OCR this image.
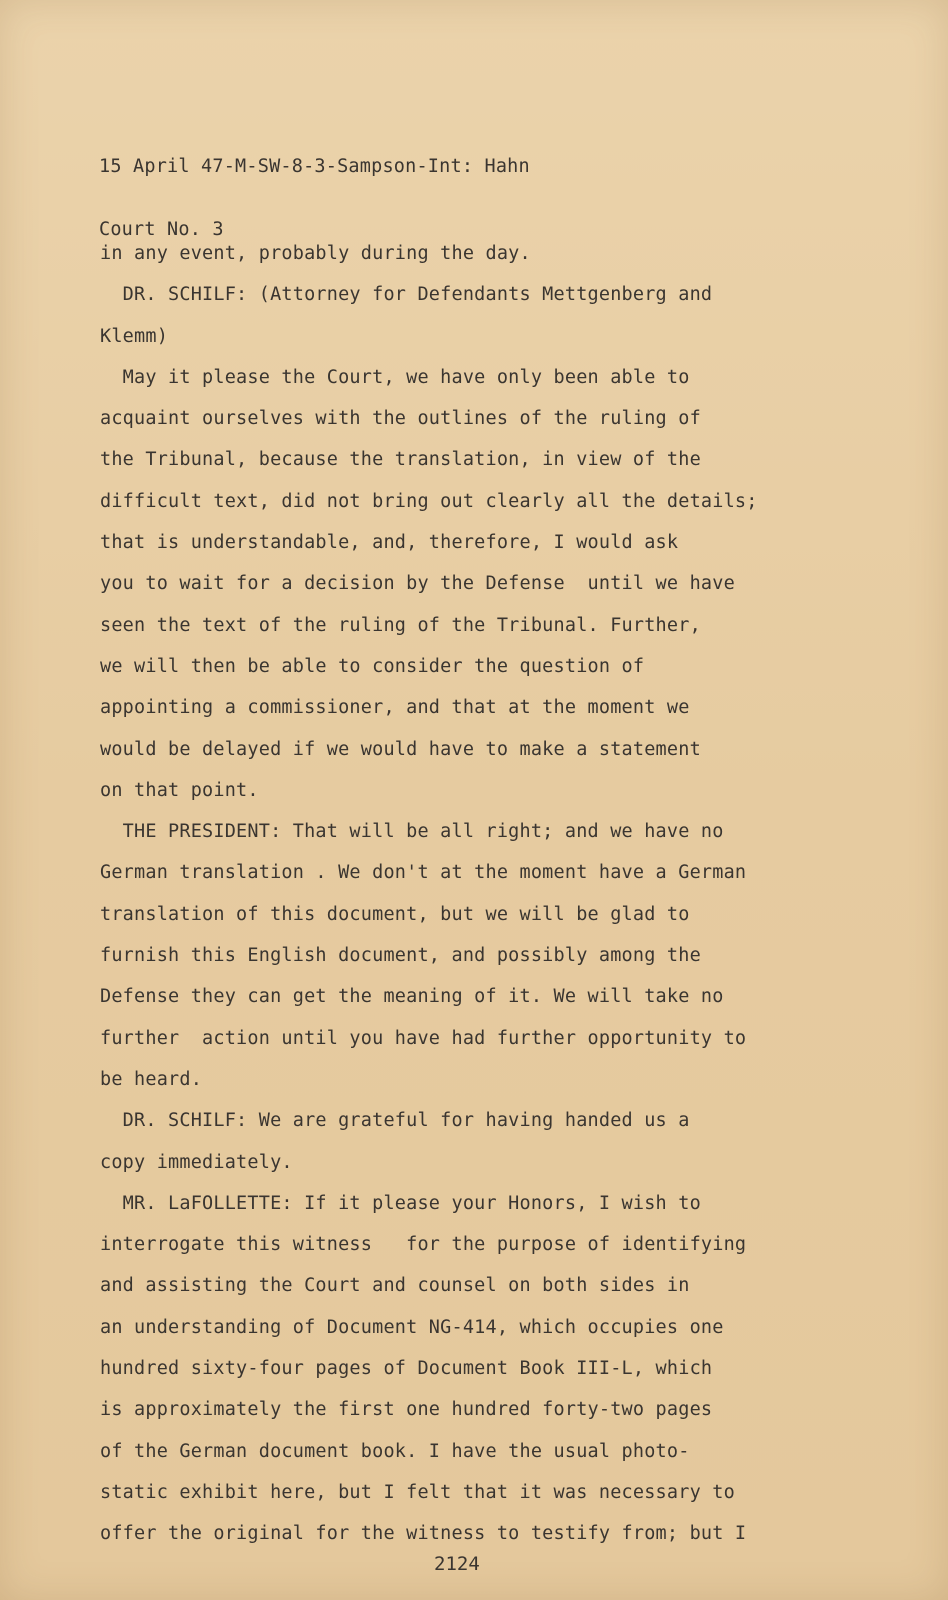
15 April 47-M-SW-8-3-Sampson-Int: Hahn

Court No. 3

in any event, probably during the day.
DR. SCHILF: (Attorney for Defendants Mettgenberg and
Klemm)
May it please the Court, we have only been able to
acquaint ourselves with the outlines of the ruling of
the Tribunal, because the translation, in view of the
difficult text, did not bring out clearly all the details;
that is understandable, and, therefore, I would ask
you to wait for a decision by the Defense  until we have
seen the text of the ruling of the Tribunal. Further,
we will then be able to consider the question of
appointing a commissioner, and that at the moment we
would be delayed if we would have to make a statement
on that point.
THE PRESIDENT: That will be all right; and we have no
German translation . We don't at the moment have a German
translation of this document, but we will be glad to
furnish this English document, and possibly among the
Defense they can get the meaning of it. We will take no
further  action until you have had further opportunity to
be heard.
DR. SCHILF: We are grateful for having handed us a
copy immediately.
MR. LaFOLLETTE: If it please your Honors, I wish to
interrogate this witness   for the purpose of identifying
and assisting the Court and counsel on both sides in
an understanding of Document NG-414, which occupies one
hundred sixty-four pages of Document Book III-L, which
is approximately the first one hundred forty-two pages
of the German document book. I have the usual photo-
static exhibit here, but I felt that it was necessary to
offer the original for the witness to testify from; but I
2124
